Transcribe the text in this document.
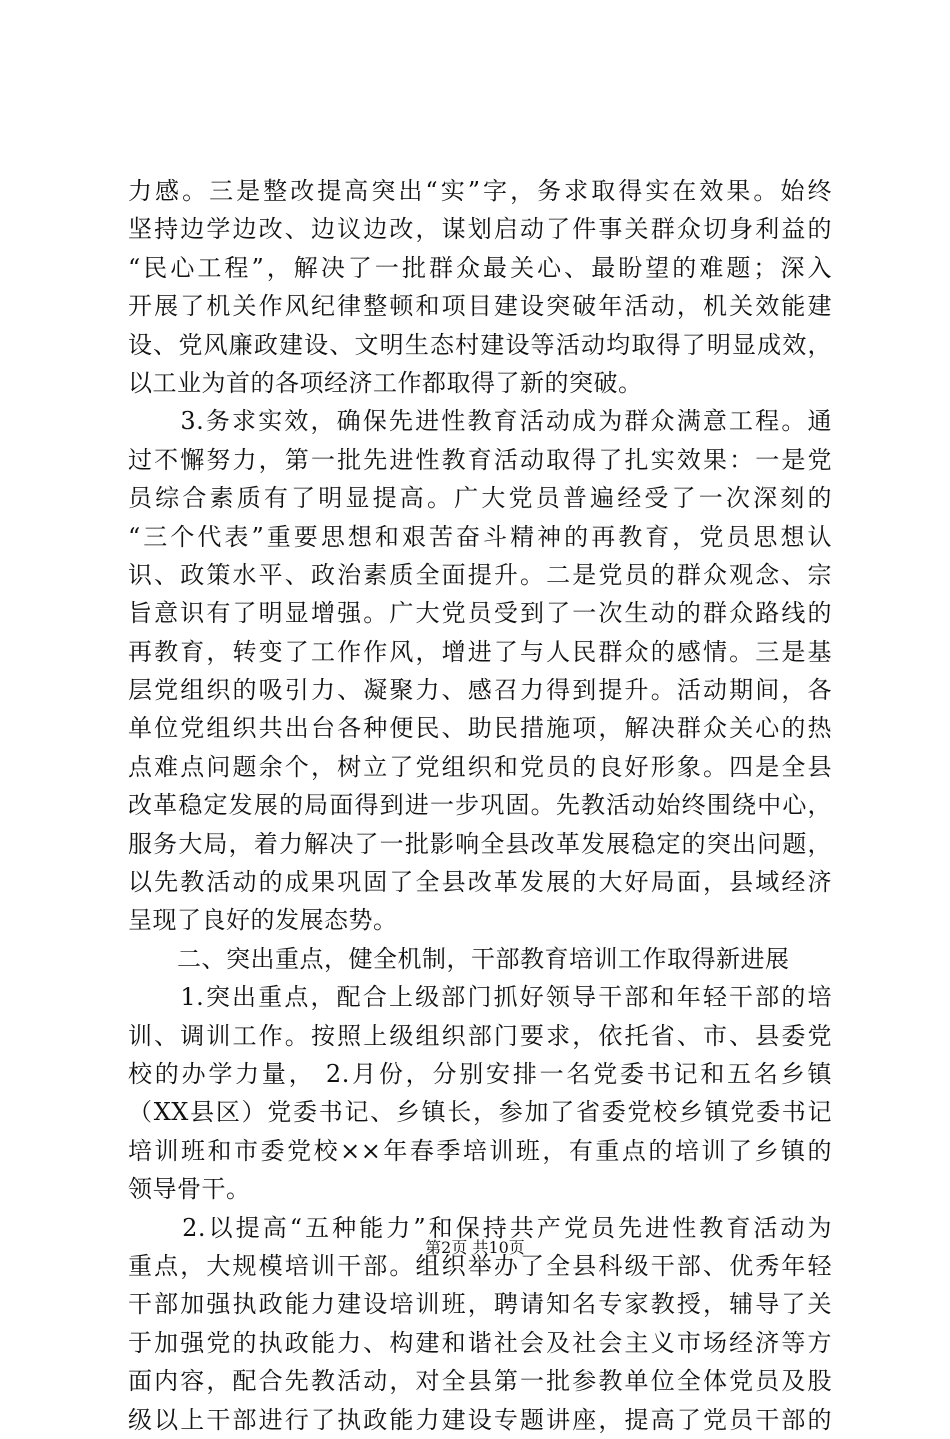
力感。三是整改提高突出“实”字，务求取得实在效果。始终
坚持边学边改、边议边改，谋划启动了件事关群众切身利益的
“民心工程”，解决了一批群众最关心、最盼望的难题；深入
开展了机关作风纪律整顿和项目建设突破年活动，机关效能建
设、党风廉政建设、文明生态村建设等活动均取得了明显成效，
以工业为首的各项经济工作都取得了新的突破。
　　3.务求实效，确保先进性教育活动成为群众满意工程。通
过不懈努力，第一批先进性教育活动取得了扎实效果：一是党
员综合素质有了明显提高。广大党员普遍经受了一次深刻的
“三个代表”重要思想和艰苦奋斗精神的再教育，党员思想认
识、政策水平、政治素质全面提升。二是党员的群众观念、宗
旨意识有了明显增强。广大党员受到了一次生动的群众路线的
再教育，转变了工作作风，增进了与人民群众的感情。三是基
层党组织的吸引力、凝聚力、感召力得到提升。活动期间，各
单位党组织共出台各种便民、助民措施项，解决群众关心的热
点难点问题余个，树立了党组织和党员的良好形象。四是全县
改革稳定发展的局面得到进一步巩固。先教活动始终围绕中心，
服务大局，着力解决了一批影响全县改革发展稳定的突出问题，
以先教活动的成果巩固了全县改革发展的大好局面，县域经济
呈现了良好的发展态势。
　　二、突出重点，健全机制，干部教育培训工作取得新进展
　　1.突出重点，配合上级部门抓好领导干部和年轻干部的培
训、调训工作。按照上级组织部门要求，依托省、市、县委党
校的办学力量， 2.月份，分别安排一名党委书记和五名乡镇
（XX县区）党委书记、乡镇长，参加了省委党校乡镇党委书记
培训班和市委党校××年春季培训班，有重点的培训了乡镇的
领导骨干。
　　2.以提高“五种能力”和保持共产党员先进性教育活动为
重点，大规模培训干部。组织举办了全县科级干部、优秀年轻
干部加强执政能力建设培训班，聘请知名专家教授，辅导了关
于加强党的执政能力、构建和谐社会及社会主义市场经济等方
面内容，配合先教活动，对全县第一批参教单位全体党员及股
级以上干部进行了执政能力建设专题讲座，提高了党员干部的
第2页 共10页
